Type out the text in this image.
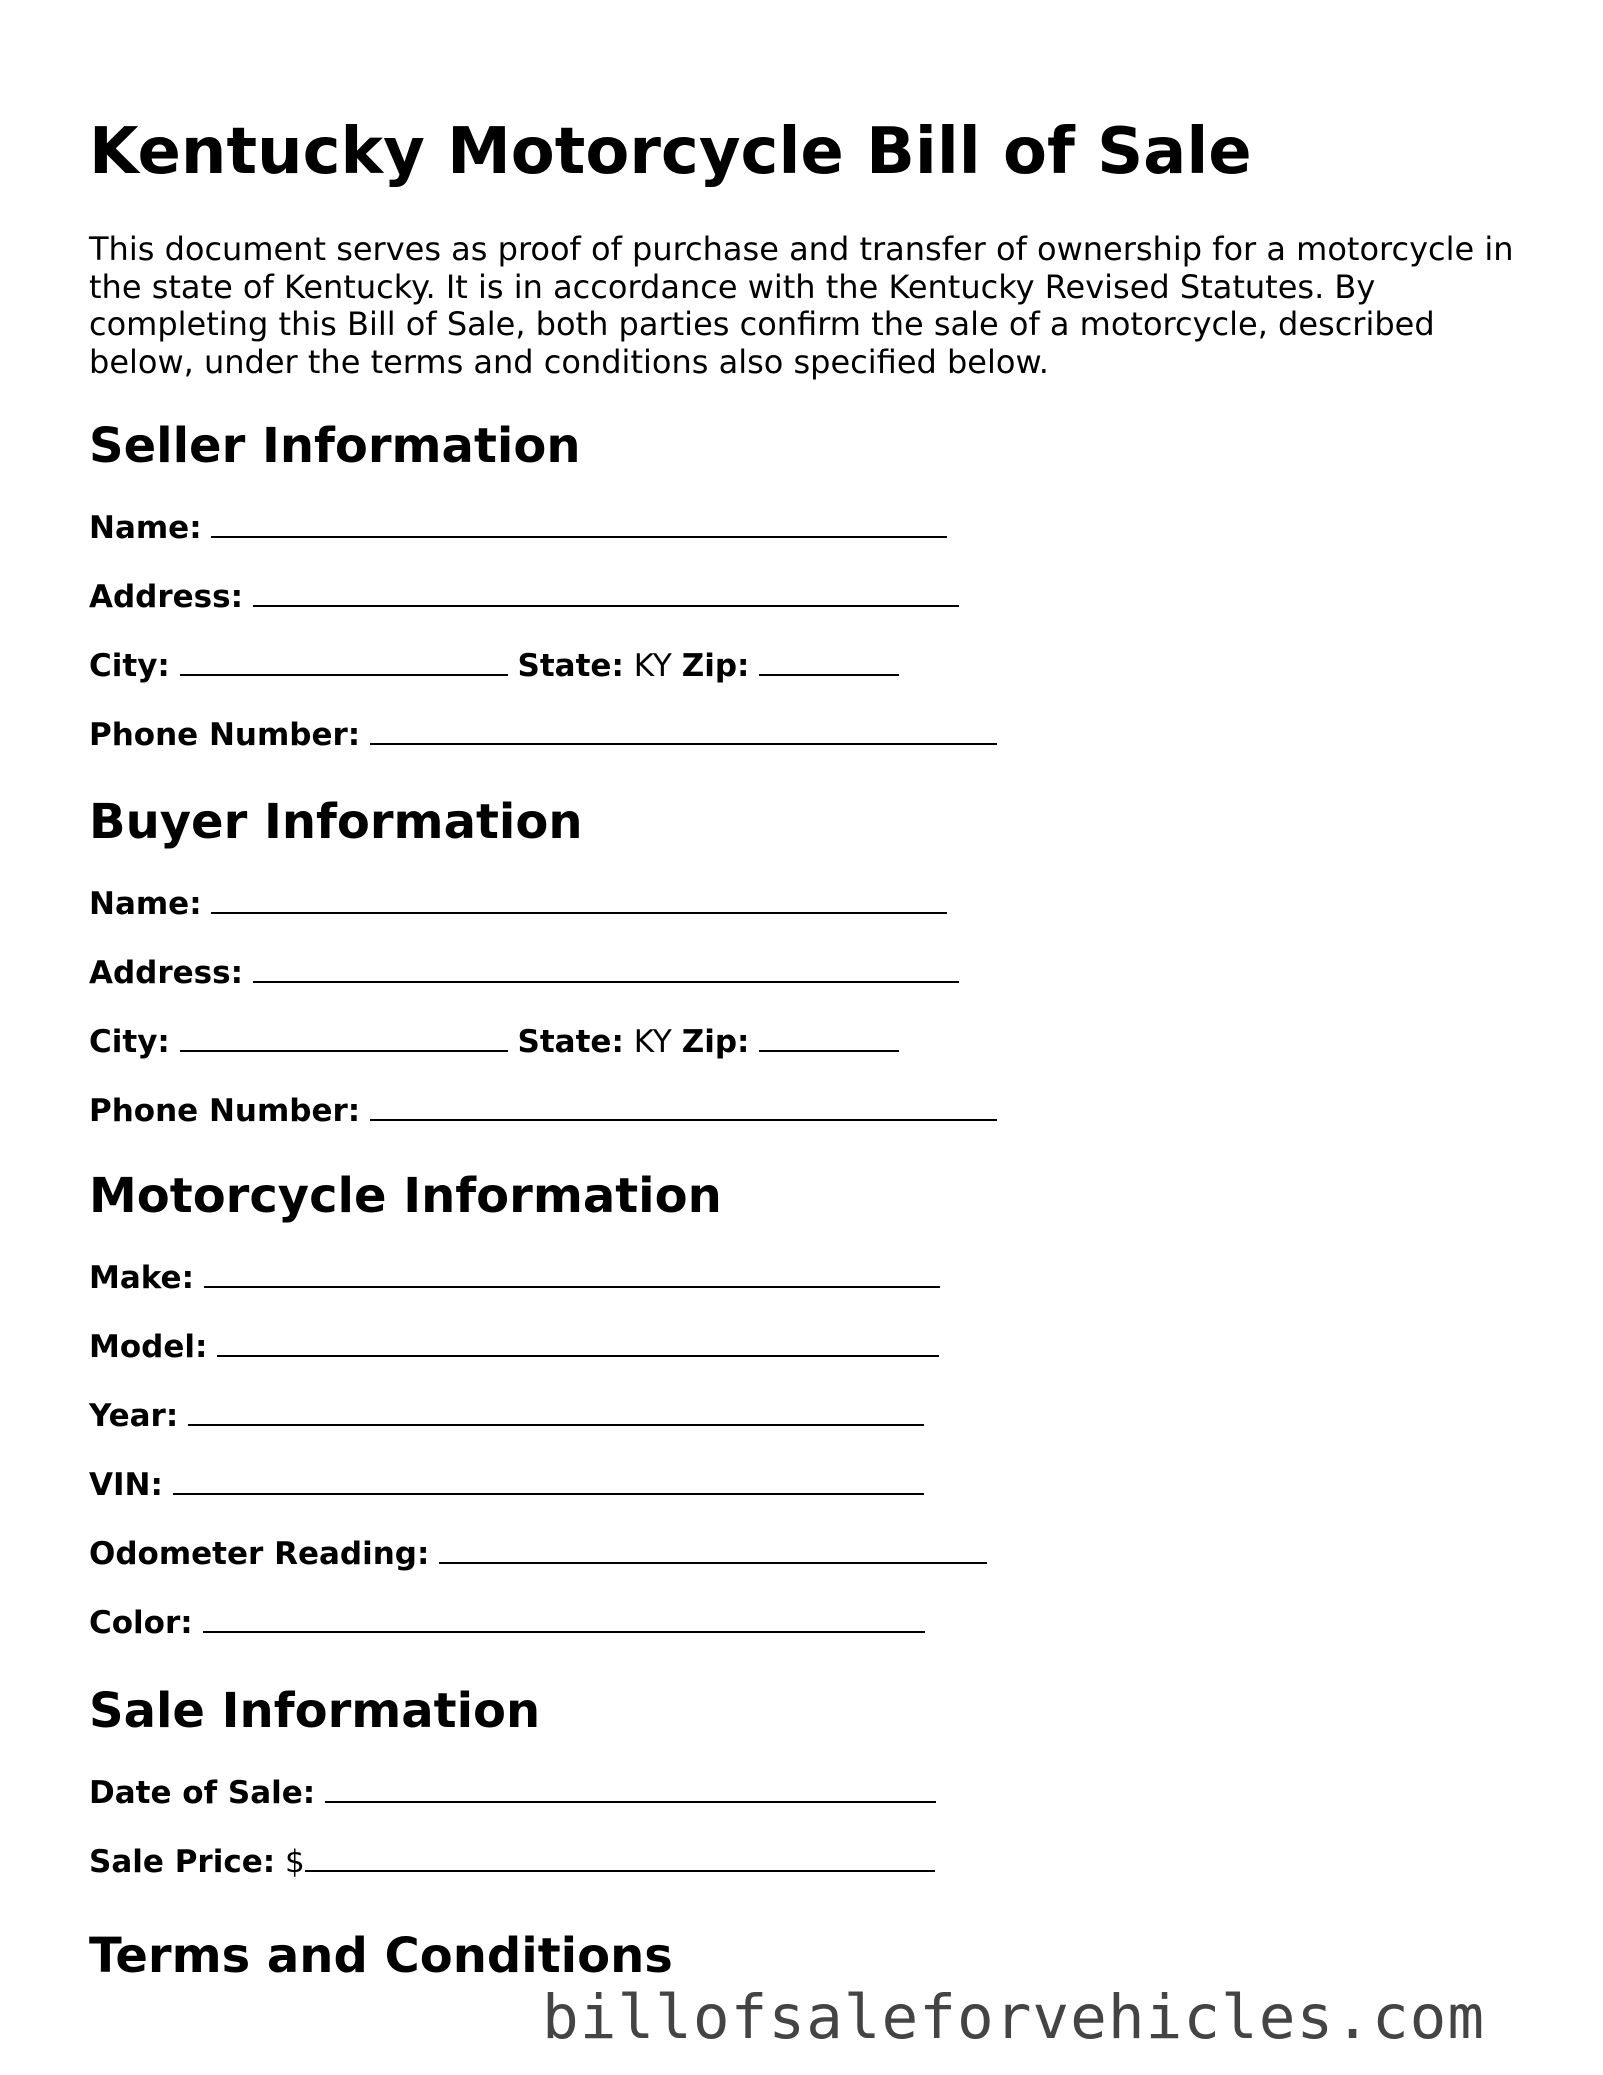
Kentucky Motorcycle Bill of Sale

This document serves as proof of purchase and transfer of ownership for a motorcycle in the state of Kentucky. It is in accordance with the Kentucky Revised Statutes. By completing this Bill of Sale, both parties confirm the sale of a motorcycle, described below, under the terms and conditions also specified below.

Seller Information
Name:
Address:
City:	State: KY Zip:
Phone Number:
Buyer Information
Name:
Address:
City:	State: KY Zip:
Phone Number:
Motorcycle Information
Make:
Model:
Year:
VIN:
Odometer Reading:
Color:
Sale Information
Date of Sale:
Sale Price: $
Terms and Conditions
billofsaleforvehicles.com
